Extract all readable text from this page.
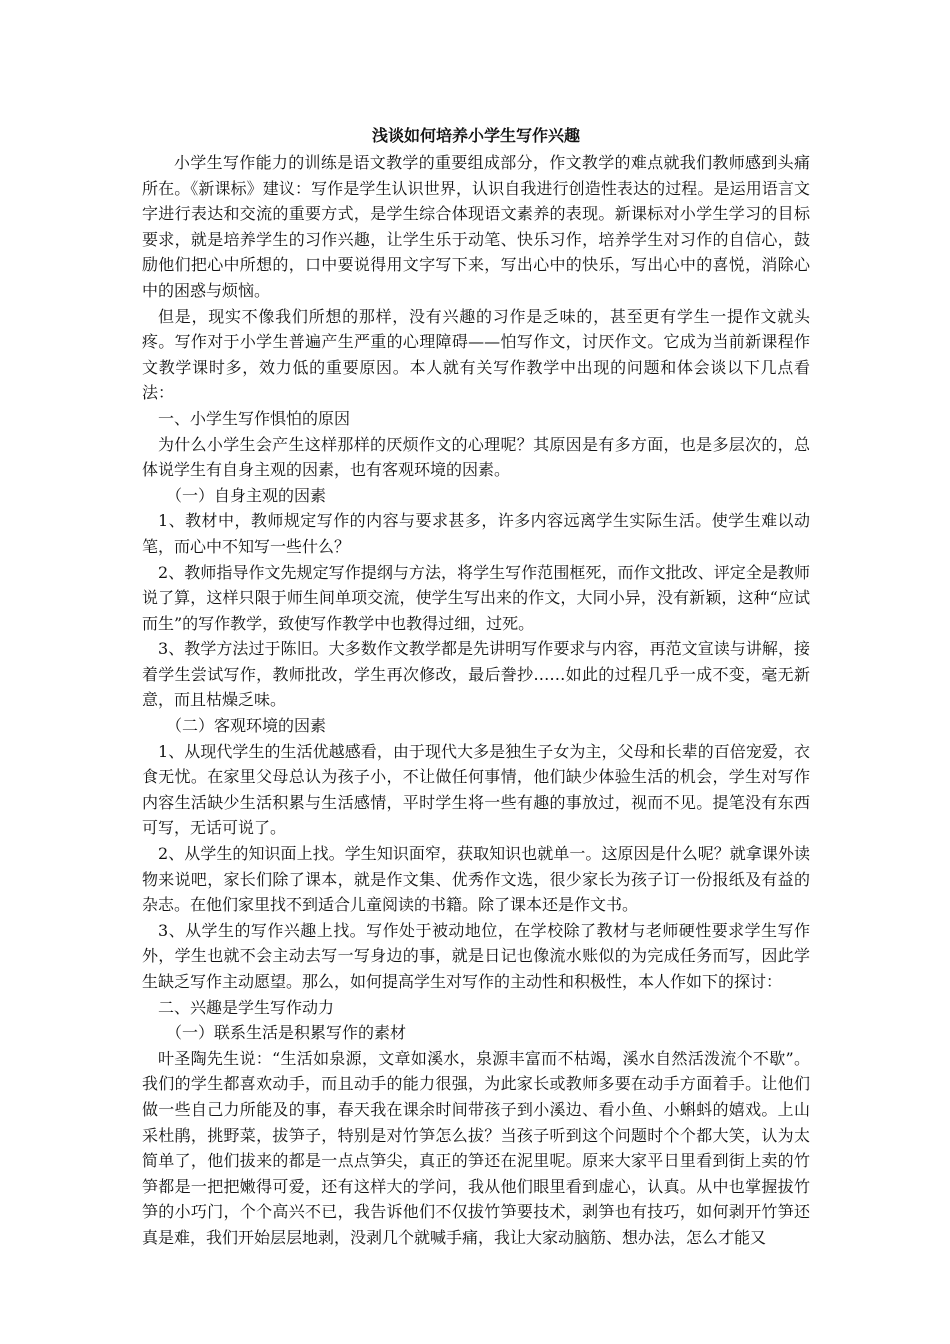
浅谈如何培养小学生写作兴趣

小学生写作能力的训练是语文教学的重要组成部分，作文教学的难点就我们教师感到头痛所在。《新课标》建议：写作是学生认识世界，认识自我进行创造性表达的过程。是运用语言文字进行表达和交流的重要方式，是学生综合体现语文素养的表现。新课标对小学生学习的目标要求，就是培养学生的习作兴趣，让学生乐于动笔、快乐习作，培养学生对习作的自信心，鼓励他们把心中所想的，口中要说得用文字写下来，写出心中的快乐，写出心中的喜悦，消除心中的困惑与烦恼。

但是，现实不像我们所想的那样，没有兴趣的习作是乏味的，甚至更有学生一提作文就头疼。写作对于小学生普遍产生严重的心理障碍——怕写作文，讨厌作文。它成为当前新课程作文教学课时多，效力低的重要原因。本人就有关写作教学中出现的问题和体会谈以下几点看法：

一、小学生写作惧怕的原因

为什么小学生会产生这样那样的厌烦作文的心理呢？其原因是有多方面，也是多层次的，总体说学生有自身主观的因素，也有客观环境的因素。

（一）自身主观的因素

1、教材中，教师规定写作的内容与要求甚多，许多内容远离学生实际生活。使学生难以动笔，而心中不知写一些什么？

2、教师指导作文先规定写作提纲与方法，将学生写作范围框死，而作文批改、评定全是教师说了算，这样只限于师生间单项交流，使学生写出来的作文，大同小异，没有新颖，这种“应试而生”的写作教学，致使写作教学中也教得过细，过死。

3、教学方法过于陈旧。大多数作文教学都是先讲明写作要求与内容，再范文宣读与讲解，接着学生尝试写作，教师批改，学生再次修改，最后誊抄……如此的过程几乎一成不变，毫无新意，而且枯燥乏味。

（二）客观环境的因素

1、从现代学生的生活优越感看，由于现代大多是独生子女为主，父母和长辈的百倍宠爱，衣食无忧。在家里父母总认为孩子小，不让做任何事情，他们缺少体验生活的机会，学生对写作内容生活缺少生活积累与生活感情，平时学生将一些有趣的事放过，视而不见。提笔没有东西可写，无话可说了。

2、从学生的知识面上找。学生知识面窄，获取知识也就单一。这原因是什么呢？就拿课外读物来说吧，家长们除了课本，就是作文集、优秀作文选，很少家长为孩子订一份报纸及有益的杂志。在他们家里找不到适合儿童阅读的书籍。除了课本还是作文书。

3、从学生的写作兴趣上找。写作处于被动地位，在学校除了教材与老师硬性要求学生写作外，学生也就不会主动去写一写身边的事，就是日记也像流水账似的为完成任务而写，因此学生缺乏写作主动愿望。那么，如何提高学生对写作的主动性和积极性，本人作如下的探讨：

二、兴趣是学生写作动力

（一）联系生活是积累写作的素材

叶圣陶先生说：“生活如泉源，文章如溪水，泉源丰富而不枯竭，溪水自然活泼流个不歇”。我们的学生都喜欢动手，而且动手的能力很强，为此家长或教师多要在动手方面着手。让他们做一些自己力所能及的事，春天我在课余时间带孩子到小溪边、看小鱼、小蝌蚪的嬉戏。上山采杜鹃，挑野菜，拔笋子，特别是对竹笋怎么拔？当孩子听到这个问题时个个都大笑，认为太简单了，他们拔来的都是一点点笋尖，真正的笋还在泥里呢。原来大家平日里看到街上卖的竹笋都是一把把嫩得可爱，还有这样大的学问，我从他们眼里看到虚心，认真。从中也掌握拔竹笋的小巧门，个个高兴不已，我告诉他们不仅拔竹笋要技术，剥笋也有技巧，如何剥开竹笋还真是难，我们开始层层地剥，没剥几个就喊手痛，我让大家动脑筋、想办法，怎么才能又
